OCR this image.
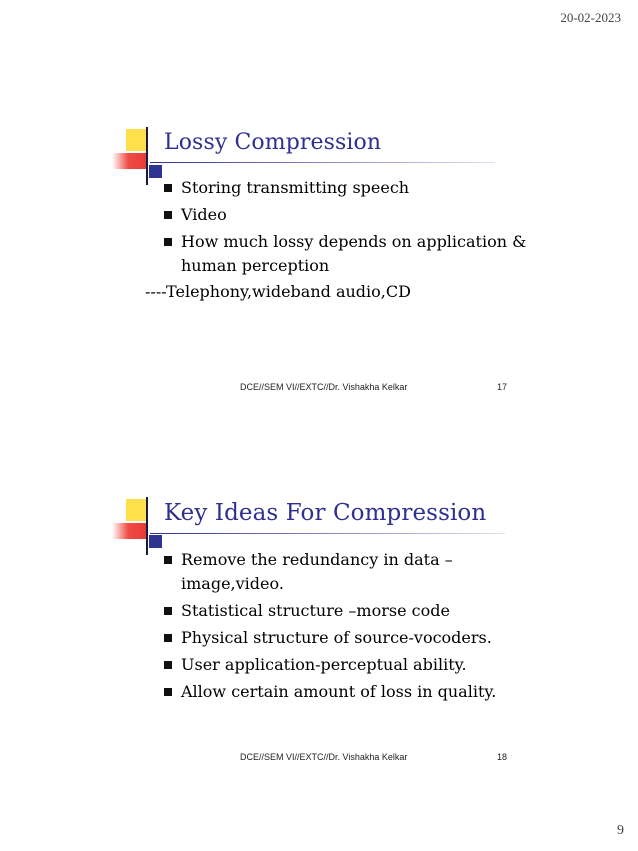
20-02-2023
Lossy Compression
Storing transmitting speech
Video
How much lossy depends on application & human perception
----Telephony,wideband audio,CD
DCE//SEM VI//EXTC//Dr. Vishakha Kelkar	17
Key Ideas For Compression
Remove the redundancy in data –image,video.
Statistical structure –morse code
Physical structure of source-vocoders.
User application-perceptual ability.
Allow certain amount of loss in quality.
DCE//SEM VI//EXTC//Dr. Vishakha Kelkar	18
9
